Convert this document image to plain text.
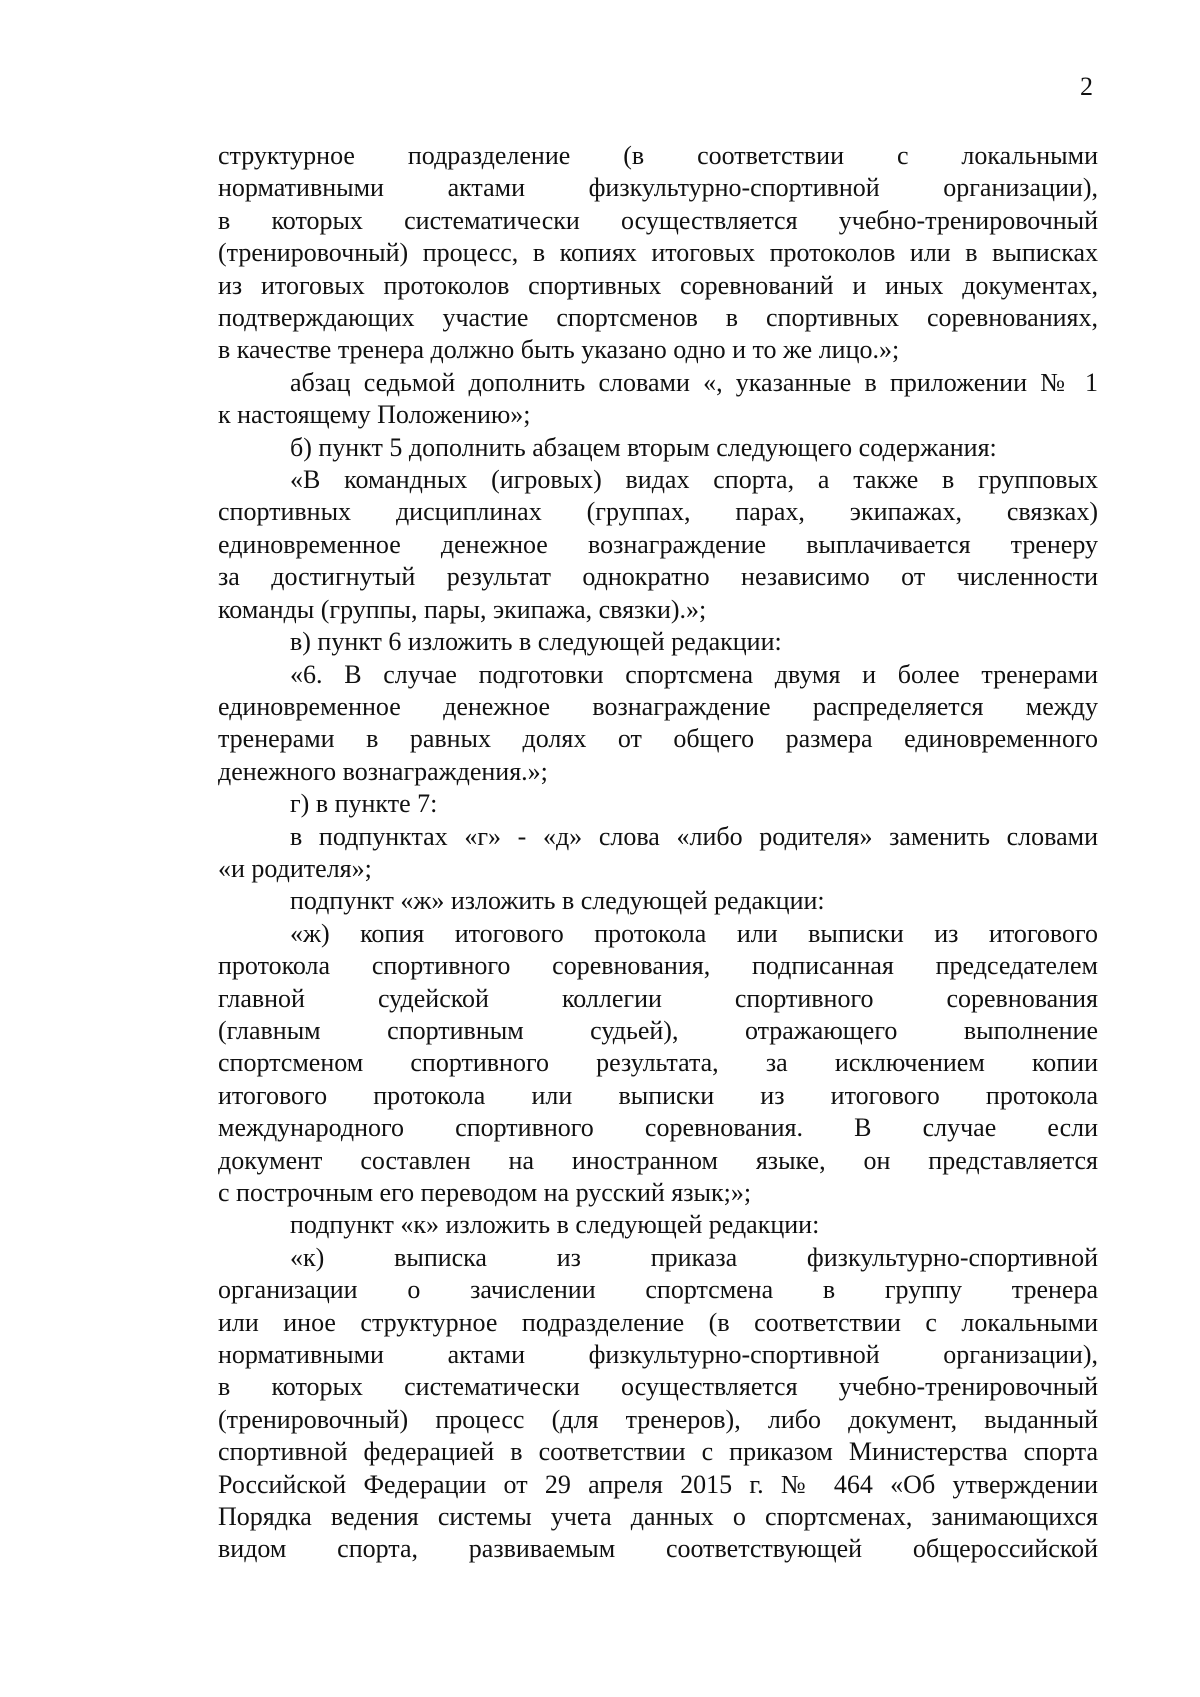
2
структурное подразделение (в соответствии с локальными
нормативными актами физкультурно-спортивной организации),
в которых систематически осуществляется учебно-тренировочный
(тренировочный) процесс, в копиях итоговых протоколов или в выписках
из итоговых протоколов спортивных соревнований и иных документах,
подтверждающих участие спортсменов в спортивных соревнованиях,
в качестве тренера должно быть указано одно и то же лицо.»;
абзац седьмой дополнить словами «, указанные в приложении № 1
к настоящему Положению»;
б) пункт 5 дополнить абзацем вторым следующего содержания:
«В командных (игровых) видах спорта, а также в групповых
спортивных дисциплинах (группах, парах, экипажах, связках)
единовременное денежное вознаграждение выплачивается тренеру
за достигнутый результат однократно независимо от численности
команды (группы, пары, экипажа, связки).»;
в) пункт 6 изложить в следующей редакции:
«6. В случае подготовки спортсмена двумя и более тренерами
единовременное денежное вознаграждение распределяется между
тренерами в равных долях от общего размера единовременного
денежного вознаграждения.»;
г) в пункте 7:
в подпунктах «г» - «д» слова «либо родителя» заменить словами
«и родителя»;
подпункт «ж» изложить в следующей редакции:
«ж) копия итогового протокола или выписки из итогового
протокола спортивного соревнования, подписанная председателем
главной судейской коллегии спортивного соревнования
(главным спортивным судьей), отражающего выполнение
спортсменом спортивного результата, за исключением копии
итогового протокола или выписки из итогового протокола
международного спортивного соревнования. В случае если
документ составлен на иностранном языке, он представляется
с построчным его переводом на русский язык;»;
подпункт «к» изложить в следующей редакции:
«к) выписка из приказа физкультурно-спортивной
организации о зачислении спортсмена в группу тренера
или иное структурное подразделение (в соответствии с локальными
нормативными актами физкультурно-спортивной организации),
в которых систематически осуществляется учебно-тренировочный
(тренировочный) процесс (для тренеров), либо документ, выданный
спортивной федерацией в соответствии с приказом Министерства спорта
Российской Федерации от 29 апреля 2015 г. № 464 «Об утверждении
Порядка ведения системы учета данных о спортсменах, занимающихся
видом спорта, развиваемым соответствующей общероссийской
